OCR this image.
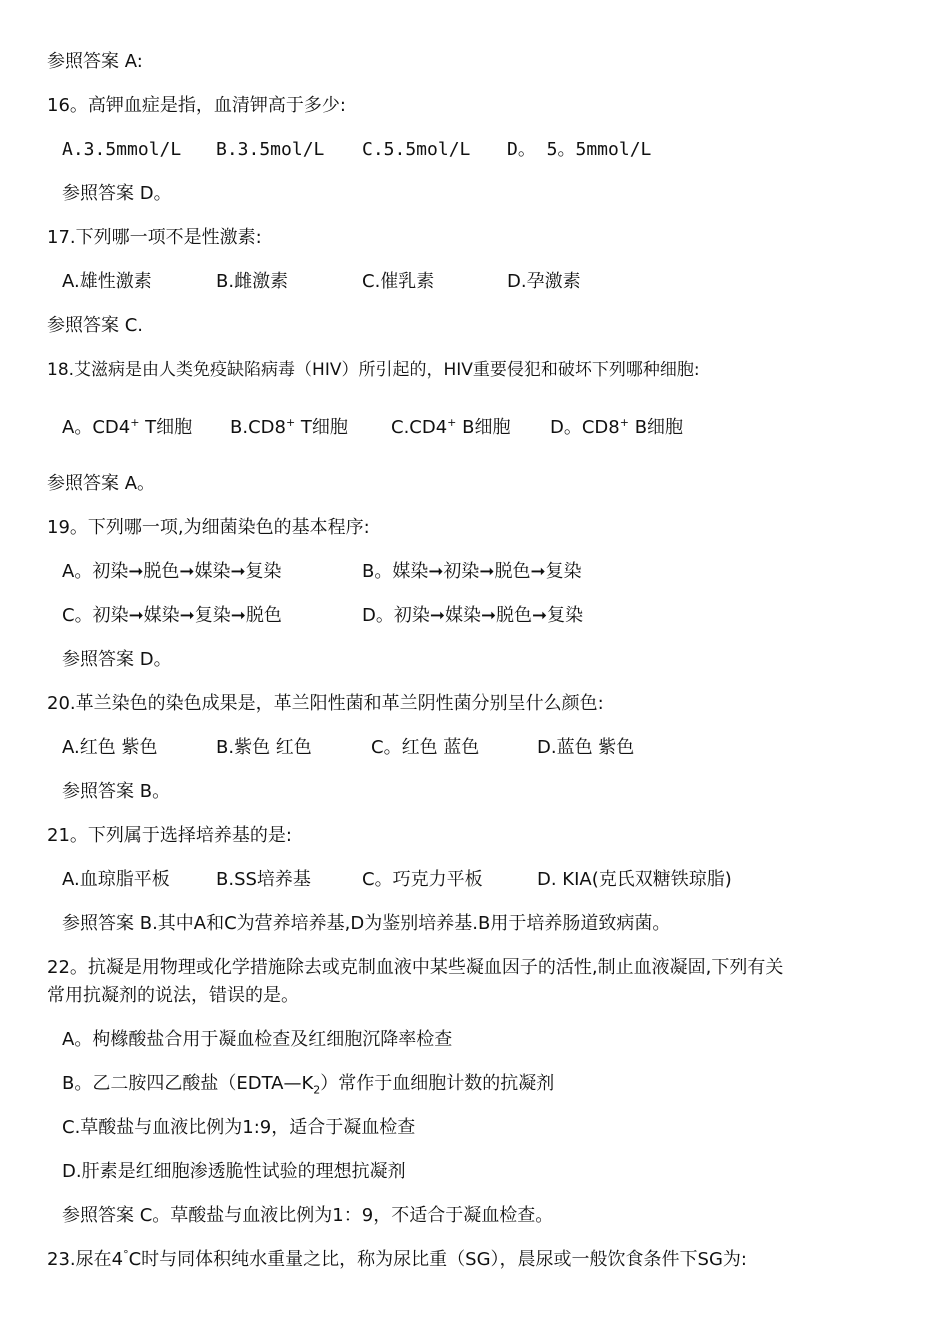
参照答案 A:
16。高钾血症是指，血清钾高于多少:
A.3.5mmol/L B.3.5mol/L C.5.5mol/L D。 5。5mmol/L
参照答案 D。
17.下列哪一项不是性激素:
A.雄性激素	B.雌激素	C.催乳素	D.孕激素
参照答案 C.
18.艾滋病是由人类免疫缺陷病毒（HIV）所引起的，HIV重要侵犯和破坏下列哪种细胞:
A。CD4+ T细胞 B.CD8+ T细胞 C.CD4+ B细胞 D。CD8+ B细胞
参照答案 A。
19。下列哪一项,为细菌染色的基本程序:
A。初染➞脱色➞媒染➞复染	B。媒染➞初染➞脱色➞复染
C。初染➞媒染➞复染➞脱色	D。初染➞媒染➞脱色➞复染
参照答案 D。
20.革兰染色的染色成果是，革兰阳性菌和革兰阴性菌分别呈什么颜色:
A.红色 紫色	B.紫色 红色	C。红色 蓝色	D.蓝色 紫色
参照答案 B。
21。下列属于选择培养基的是:
A.血琼脂平板	B.SS培养基	C。巧克力平板	D. KIA(克氏双糖铁琼脂)
参照答案 B.其中A和C为营养培养基,D为鉴别培养基.B用于培养肠道致病菌。
22。抗凝是用物理或化学措施除去或克制血液中某些凝血因子的活性,制止血液凝固,下列有关
常用抗凝剂的说法，错误的是。
A。枸橼酸盐合用于凝血检查及红细胞沉降率检查
B。乙二胺四乙酸盐$(EDTA—K_2)$常作于血细胞计数的抗凝剂
C.草酸盐与血液比例为1:9，适合于凝血检查
D.肝素是红细胞渗透脆性试验的理想抗凝剂
参照答案 C。草酸盐与血液比例为1：9，不适合于凝血检查。
23.尿在4°C时与同体积纯水重量之比，称为尿比重（SG），晨尿或一般饮食条件下SG为:
